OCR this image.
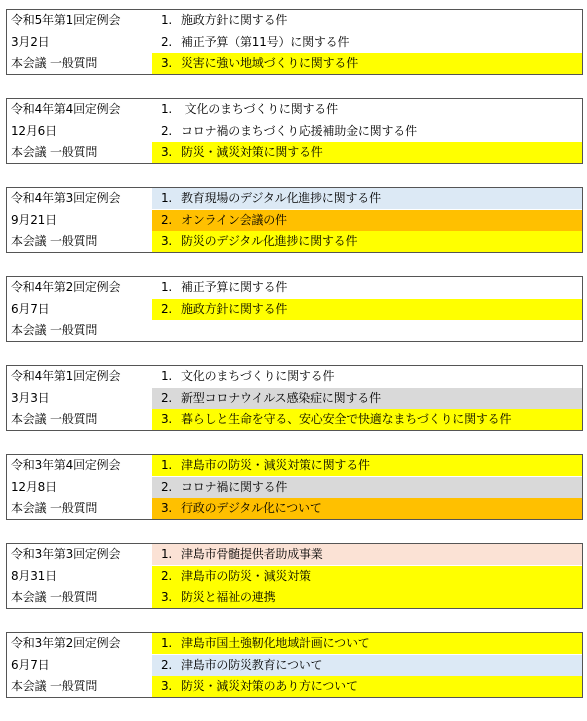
令和5年第1回定例会	1. 施政方針に関する件
3月2日	2. 補正予算（第11号）に関する件
本会議 一般質問	3. 災害に強い地域づくりに関する件
令和4年第4回定例会	1. 文化のまちづくりに関する件
12月6日	2. コロナ禍のまちづくり応援補助金に関する件
本会議 一般質問	3. 防災・減災対策に関する件
令和4年第3回定例会	1. 教育現場のデジタル化進捗に関する件
9月21日	2. オンライン会議の件
本会議 一般質問	3. 防災のデジタル化進捗に関する件
令和4年第2回定例会	1. 補正予算に関する件
6月7日	2. 施政方針に関する件
本会議 一般質問
令和4年第1回定例会	1. 文化のまちづくりに関する件
3月3日	2. 新型コロナウイルス感染症に関する件
本会議 一般質問	3. 暮らしと生命を守る、安心安全で快適なまちづくりに関する件
令和3年第4回定例会	1. 津島市の防災・減災対策に関する件
12月8日	2. コロナ禍に関する件
本会議 一般質問	3. 行政のデジタル化について
令和3年第3回定例会	1. 津島市骨髄提供者助成事業
8月31日	2. 津島市の防災・減災対策
本会議 一般質問	3. 防災と福祉の連携
令和3年第2回定例会	1. 津島市国土強靭化地域計画について
6月7日	2. 津島市の防災教育について
本会議 一般質問	3. 防災・減災対策のあり方について
